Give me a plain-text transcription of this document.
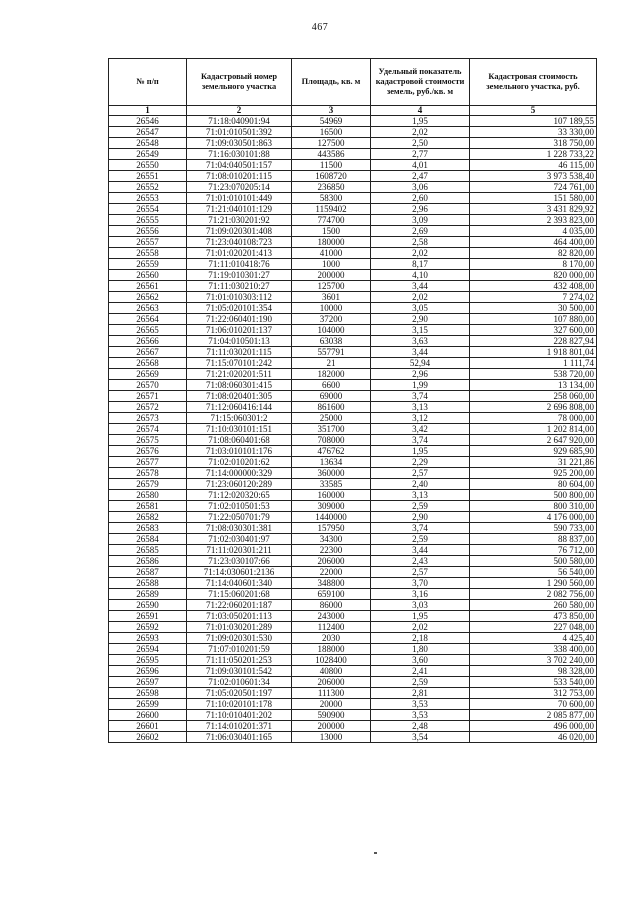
467
№ п/п	Кадастровый номер земельного участка	Площадь, кв. м	Удельный показатель кадастровой стоимости земель, руб./кв. м	Кадастровая стоимость земельного участка, руб.
1	2	3	4	5
26546	71:18:040901:94	54969	1,95	107 189,55
26547	71:01:010501:392	16500	2,02	33 330,00
26548	71:09:030501:863	127500	2,50	318 750,00
26549	71:16:030101:88	443586	2,77	1 228 733,22
26550	71:04:040501:157	11500	4,01	46 115,00
26551	71:08:010201:115	1608720	2,47	3 973 538,40
26552	71:23:070205:14	236850	3,06	724 761,00
26553	71:01:010101:449	58300	2,60	151 580,00
26554	71:21:040101:129	1159402	2,96	3 431 829,92
26555	71:21:030201:92	774700	3,09	2 393 823,00
26556	71:09:020301:408	1500	2,69	4 035,00
26557	71:23:040108:723	180000	2,58	464 400,00
26558	71:01:020201:413	41000	2,02	82 820,00
26559	71:11:010418:76	1000	8,17	8 170,00
26560	71:19:010301:27	200000	4,10	820 000,00
26561	71:11:030210:27	125700	3,44	432 408,00
26562	71:01:010303:112	3601	2,02	7 274,02
26563	71:05:020101:354	10000	3,05	30 500,00
26564	71:22:060401:190	37200	2,90	107 880,00
26565	71:06:010201:137	104000	3,15	327 600,00
26566	71:04:010501:13	63038	3,63	228 827,94
26567	71:11:030201:115	557791	3,44	1 918 801,04
26568	71:15:070101:242	21	52,94	1 111,74
26569	71:21:020201:511	182000	2,96	538 720,00
26570	71:08:060301:415	6600	1,99	13 134,00
26571	71:08:020401:305	69000	3,74	258 060,00
26572	71:12:060416:144	861600	3,13	2 696 808,00
26573	71:15:060301:2	25000	3,12	78 000,00
26574	71:10:030101:151	351700	3,42	1 202 814,00
26575	71:08:060401:68	708000	3,74	2 647 920,00
26576	71:03:010101:176	476762	1,95	929 685,90
26577	71:02:010201:62	13634	2,29	31 221,86
26578	71:14:000000:329	360000	2,57	925 200,00
26579	71:23:060120:289	33585	2,40	80 604,00
26580	71:12:020320:65	160000	3,13	500 800,00
26581	71:02:010501:53	309000	2,59	800 310,00
26582	71:22:050701:79	1440000	2,90	4 176 000,00
26583	71:08:030301:381	157950	3,74	590 733,00
26584	71:02:030401:97	34300	2,59	88 837,00
26585	71:11:020301:211	22300	3,44	76 712,00
26586	71:23:030107:66	206000	2,43	500 580,00
26587	71:14:030601:2136	22000	2,57	56 540,00
26588	71:14:040601:340	348800	3,70	1 290 560,00
26589	71:15:060201:68	659100	3,16	2 082 756,00
26590	71:22:060201:187	86000	3,03	260 580,00
26591	71:03:050201:113	243000	1,95	473 850,00
26592	71:01:030201:289	112400	2,02	227 048,00
26593	71:09:020301:530	2030	2,18	4 425,40
26594	71:07:010201:59	188000	1,80	338 400,00
26595	71:11:050201:253	1028400	3,60	3 702 240,00
26596	71:09:030101:542	40800	2,41	98 328,00
26597	71:02:010601:34	206000	2,59	533 540,00
26598	71:05:020501:197	111300	2,81	312 753,00
26599	71:10:020101:178	20000	3,53	70 600,00
26600	71:10:010401:202	590900	3,53	2 085 877,00
26601	71:14:010201:371	200000	2,48	496 000,00
26602	71:06:030401:165	13000	3,54	46 020,00
